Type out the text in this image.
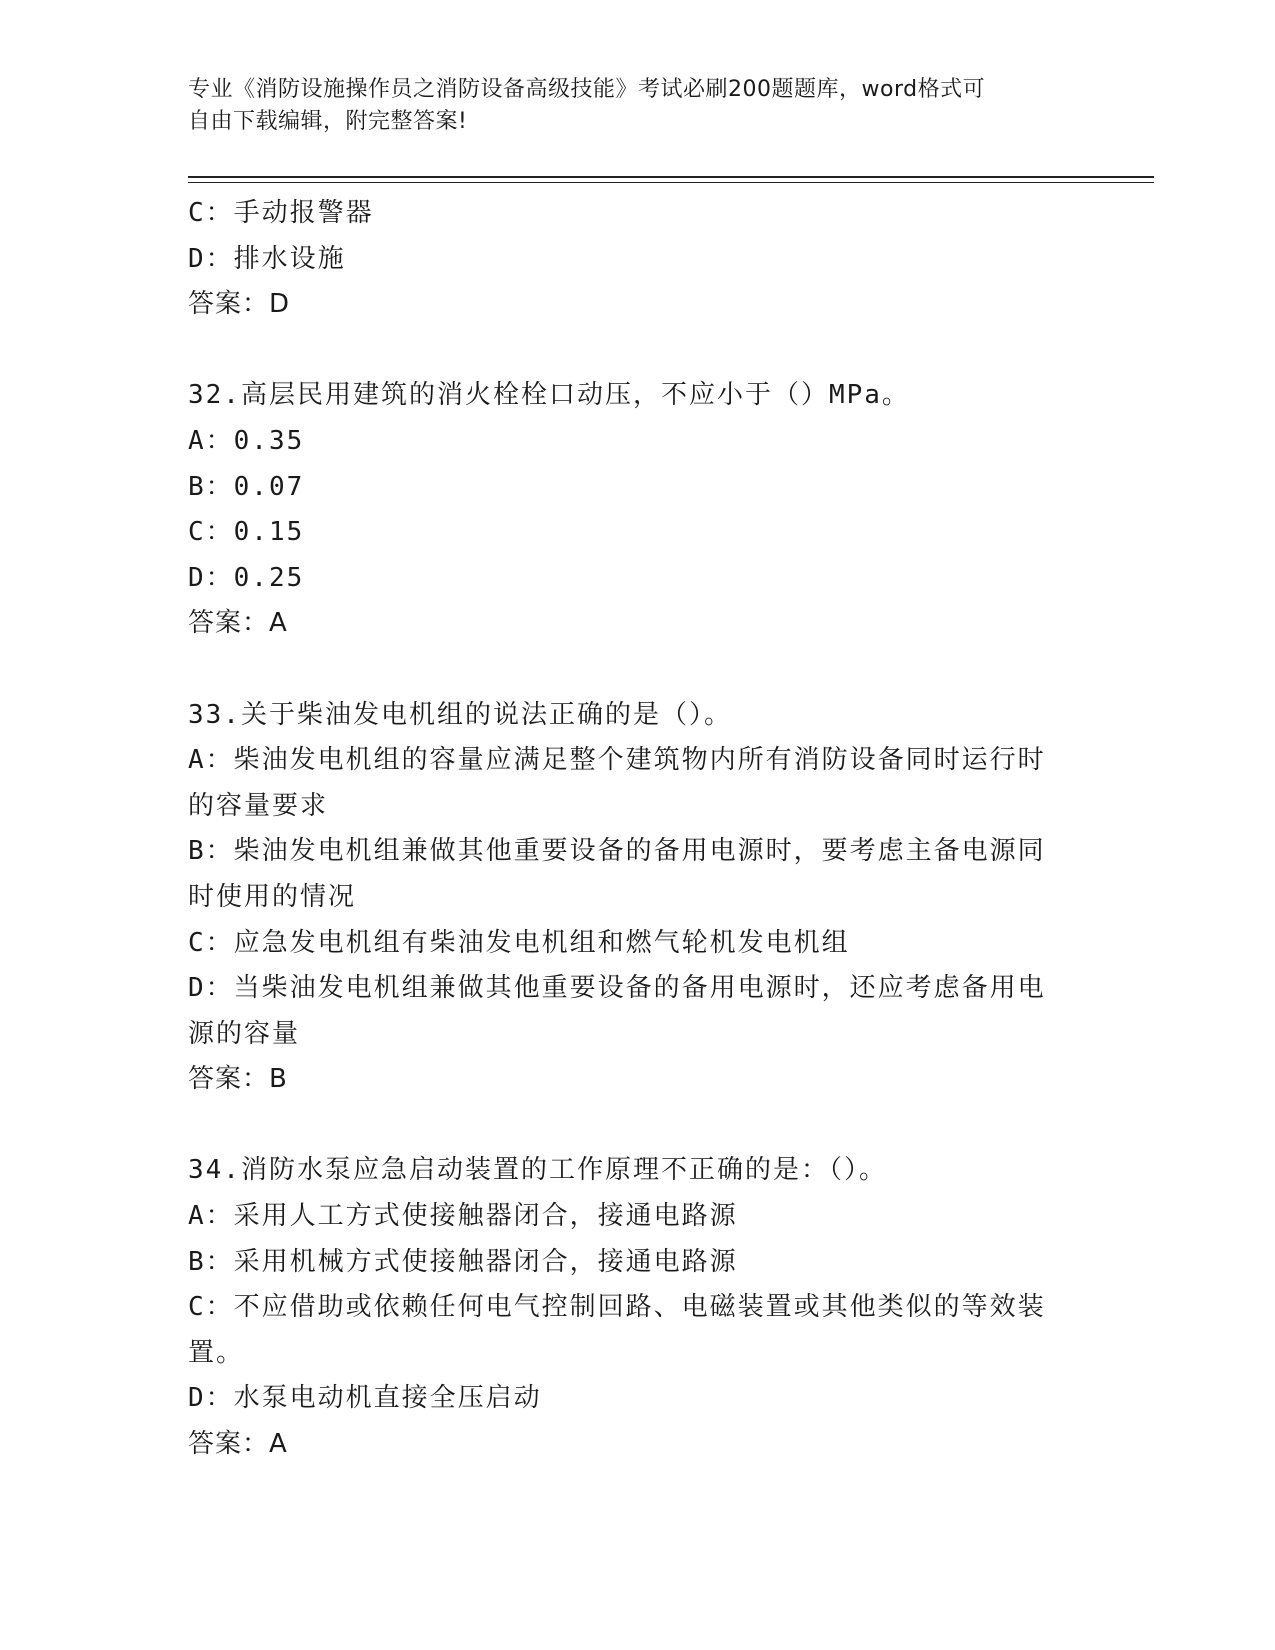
专业《消防设施操作员之消防设备高级技能》考试必刷200题题库，word格式可
自由下载编辑，附完整答案!
C：手动报警器
D：排水设施
答案：D
32.高层民用建筑的消火栓栓口动压，不应小于（）MPa。
A：0.35
B：0.07
C：0.15
D：0.25
答案：A
33.关于柴油发电机组的说法正确的是（）。
A：柴油发电机组的容量应满足整个建筑物内所有消防设备同时运行时
的容量要求
B：柴油发电机组兼做其他重要设备的备用电源时，要考虑主备电源同
时使用的情况
C：应急发电机组有柴油发电机组和燃气轮机发电机组
D：当柴油发电机组兼做其他重要设备的备用电源时，还应考虑备用电
源的容量
答案：B
34.消防水泵应急启动装置的工作原理不正确的是：（）。
A：采用人工方式使接触器闭合，接通电路源
B：采用机械方式使接触器闭合，接通电路源
C：不应借助或依赖任何电气控制回路、电磁装置或其他类似的等效装
置。
D：水泵电动机直接全压启动
答案：A
